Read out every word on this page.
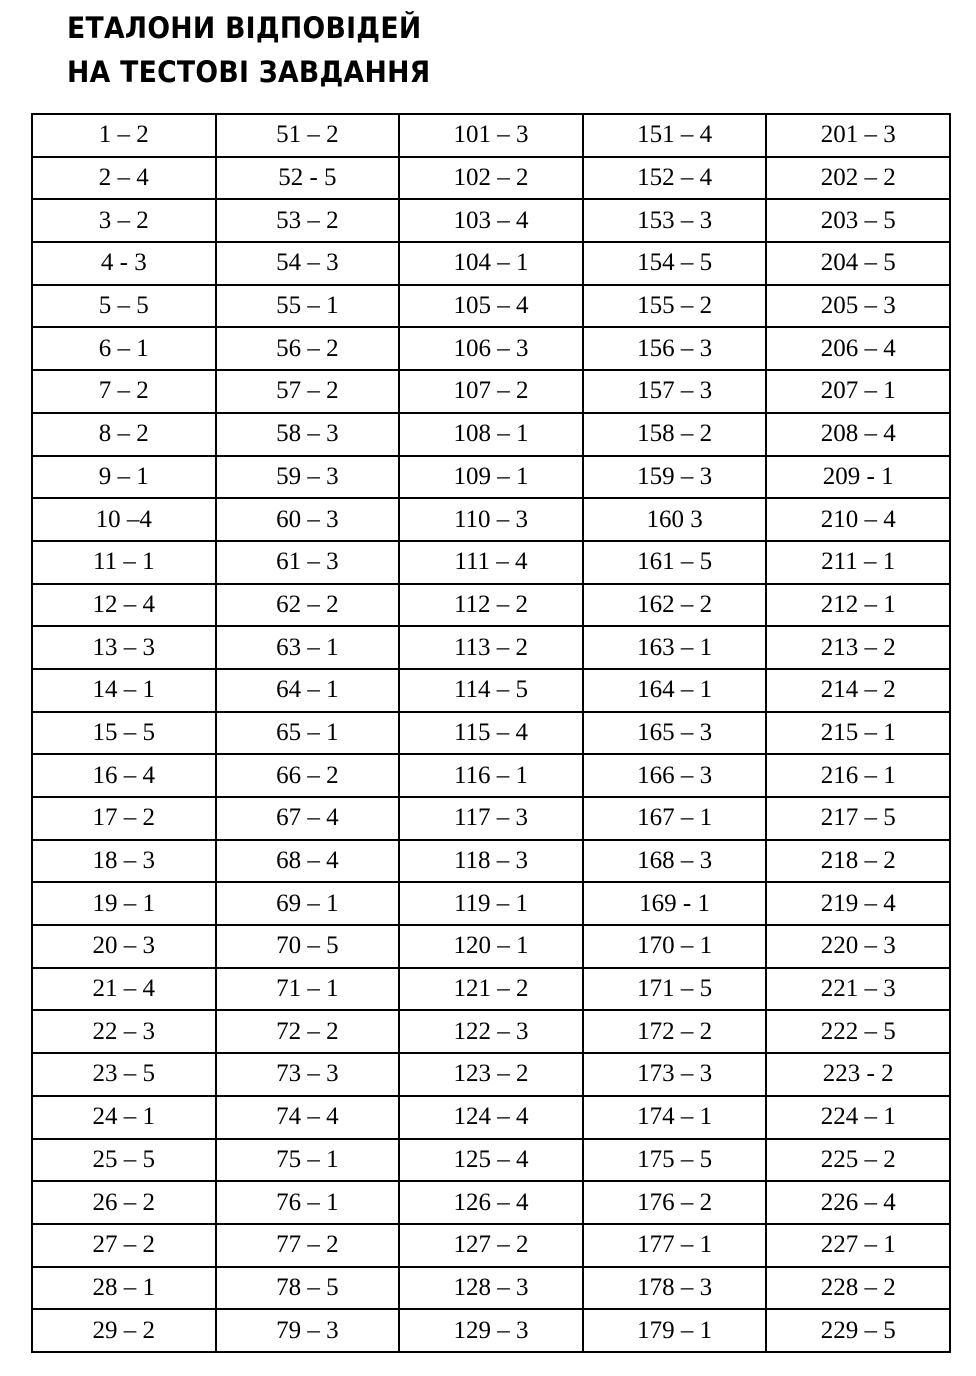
ЕТАЛОНИ ВІДПОВІДЕЙ
НА ТЕСТОВІ ЗАВДАННЯ
1 – 2	51 – 2	101 – 3	151 – 4	201 – 3
2 – 4	52 - 5	102 – 2	152 – 4	202 – 2
3 – 2	53 – 2	103 – 4	153 – 3	203 – 5
4 - 3	54 – 3	104 – 1	154 – 5	204 – 5
5 – 5	55 – 1	105 – 4	155 – 2	205 – 3
6 – 1	56 – 2	106 – 3	156 – 3	206 – 4
7 – 2	57 – 2	107 – 2	157 – 3	207 – 1
8 – 2	58 – 3	108 – 1	158 – 2	208 – 4
9 – 1	59 – 3	109 – 1	159 – 3	209 - 1
10 –4	60 – 3	110 – 3	160 3	210 – 4
11 – 1	61 – 3	111 – 4	161 – 5	211 – 1
12 – 4	62 – 2	112 – 2	162 – 2	212 – 1
13 – 3	63 – 1	113 – 2	163 – 1	213 – 2
14 – 1	64 – 1	114 – 5	164 – 1	214 – 2
15 – 5	65 – 1	115 – 4	165 – 3	215 – 1
16 – 4	66 – 2	116 – 1	166 – 3	216 – 1
17 – 2	67 – 4	117 – 3	167 – 1	217 – 5
18 – 3	68 – 4	118 – 3	168 – 3	218 – 2
19 – 1	69 – 1	119 – 1	169 - 1	219 – 4
20 – 3	70 – 5	120 – 1	170 – 1	220 – 3
21 – 4	71 – 1	121 – 2	171 – 5	221 – 3
22 – 3	72 – 2	122 – 3	172 – 2	222 – 5
23 – 5	73 – 3	123 – 2	173 – 3	223 - 2
24 – 1	74 – 4	124 – 4	174 – 1	224 – 1
25 – 5	75 – 1	125 – 4	175 – 5	225 – 2
26 – 2	76 – 1	126 – 4	176 – 2	226 – 4
27 – 2	77 – 2	127 – 2	177 – 1	227 – 1
28 – 1	78 – 5	128 – 3	178 – 3	228 – 2
29 – 2	79 – 3	129 – 3	179 – 1	229 – 5
